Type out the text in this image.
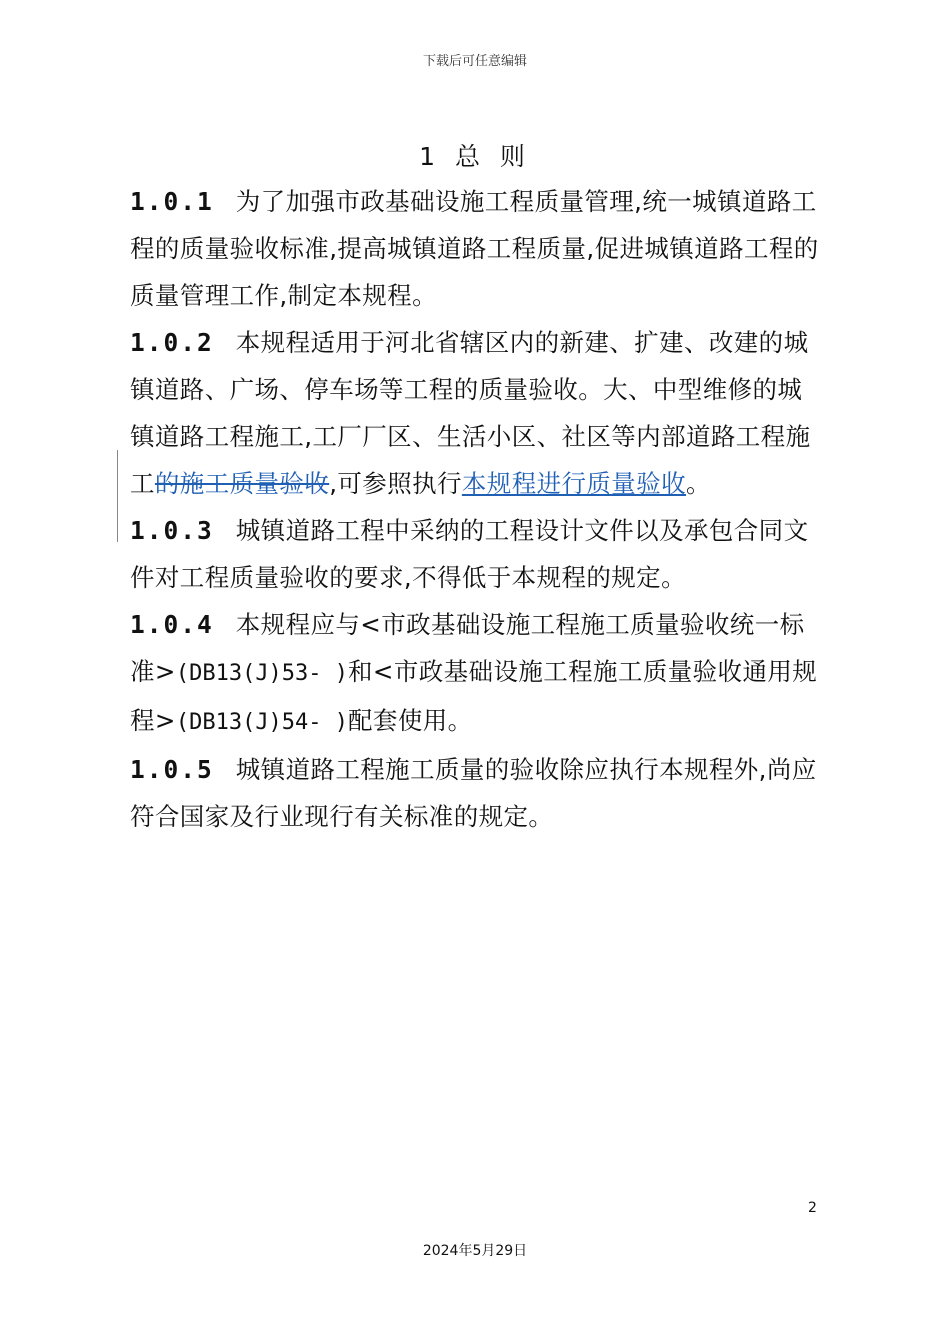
下载后可任意编辑
1 总 则

1.0.1 为了加强市政基础设施工程质量管理,统一城镇道路工程的质量验收标准,提高城镇道路工程质量,促进城镇道路工程的质量管理工作,制定本规程。

1.0.2 本规程适用于河北省辖区内的新建、扩建、改建的城镇道路、广场、停车场等工程的质量验收。大、中型维修的城镇道路工程施工,工厂厂区、生活小区、社区等内部道路工程施工的施工质量验收,可参照执行本规程进行质量验收。

1.0.3 城镇道路工程中采纳的工程设计文件以及承包合同文件对工程质量验收的要求,不得低于本规程的规定。

1.0.4 本规程应与<市政基础设施工程施工质量验收统一标准>(DB13(J)53- )和<市政基础设施工程施工质量验收通用规程>(DB13(J)54- )配套使用。

1.0.5 城镇道路工程施工质量的验收除应执行本规程外,尚应符合国家及行业现行有关标准的规定。

2
2024年5月29日
